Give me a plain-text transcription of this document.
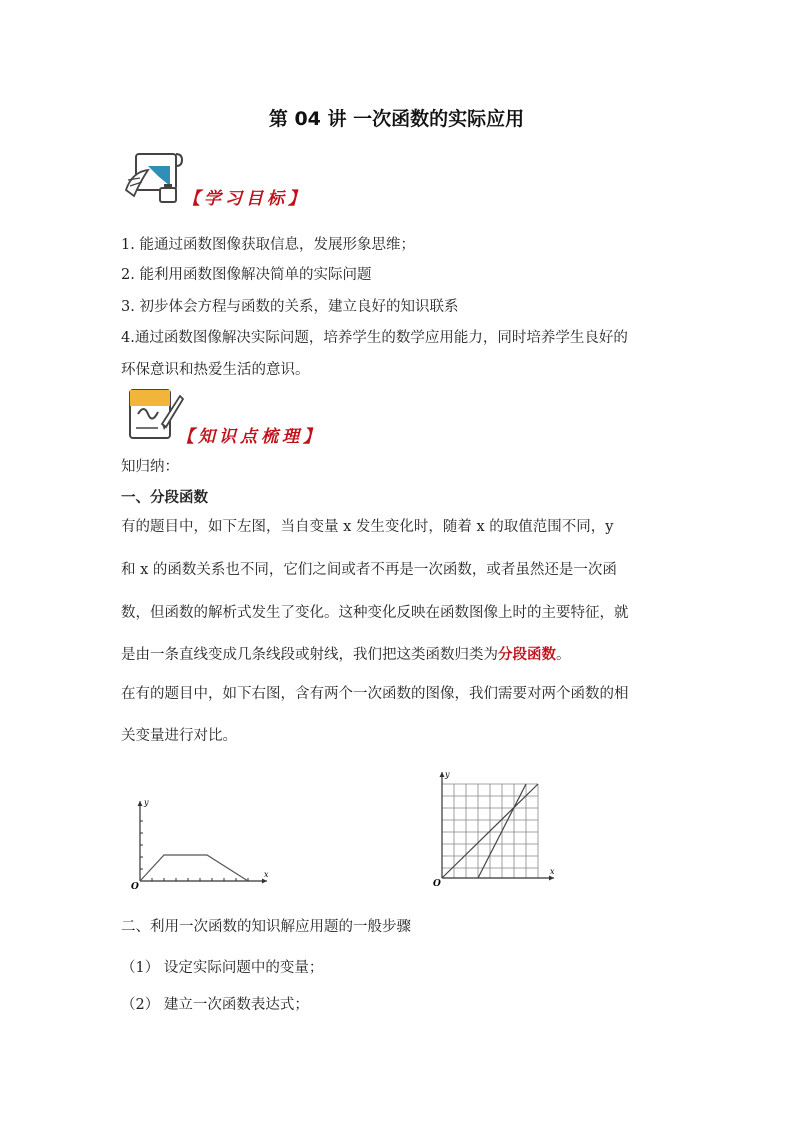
第 04 讲 一次函数的实际应用
【学习目标】
1. 能通过函数图像获取信息，发展形象思维；
2. 能利用函数图像解决简单的实际问题
3. 初步体会方程与函数的关系，建立良好的知识联系
4.通过函数图像解决实际问题，培养学生的数学应用能力，同时培养学生良好的
环保意识和热爱生活的意识。
【知识点梳理】
知归纳：
一、分段函数
有的题目中，如下左图，当自变量 x 发生变化时，随着 x 的取值范围不同，y
和 x 的函数关系也不同，它们之间或者不再是一次函数，或者虽然还是一次函
数，但函数的解析式发生了变化。这种变化反映在函数图像上时的主要特征，就
是由一条直线变成几条线段或射线，我们把这类函数归类为分段函数。
在有的题目中，如下右图，含有两个一次函数的图像，我们需要对两个函数的相
关变量进行对比。
y
x
O
y
x
O
二、利用一次函数的知识解应用题的一般步骤
（1） 设定实际问题中的变量；
（2） 建立一次函数表达式；
